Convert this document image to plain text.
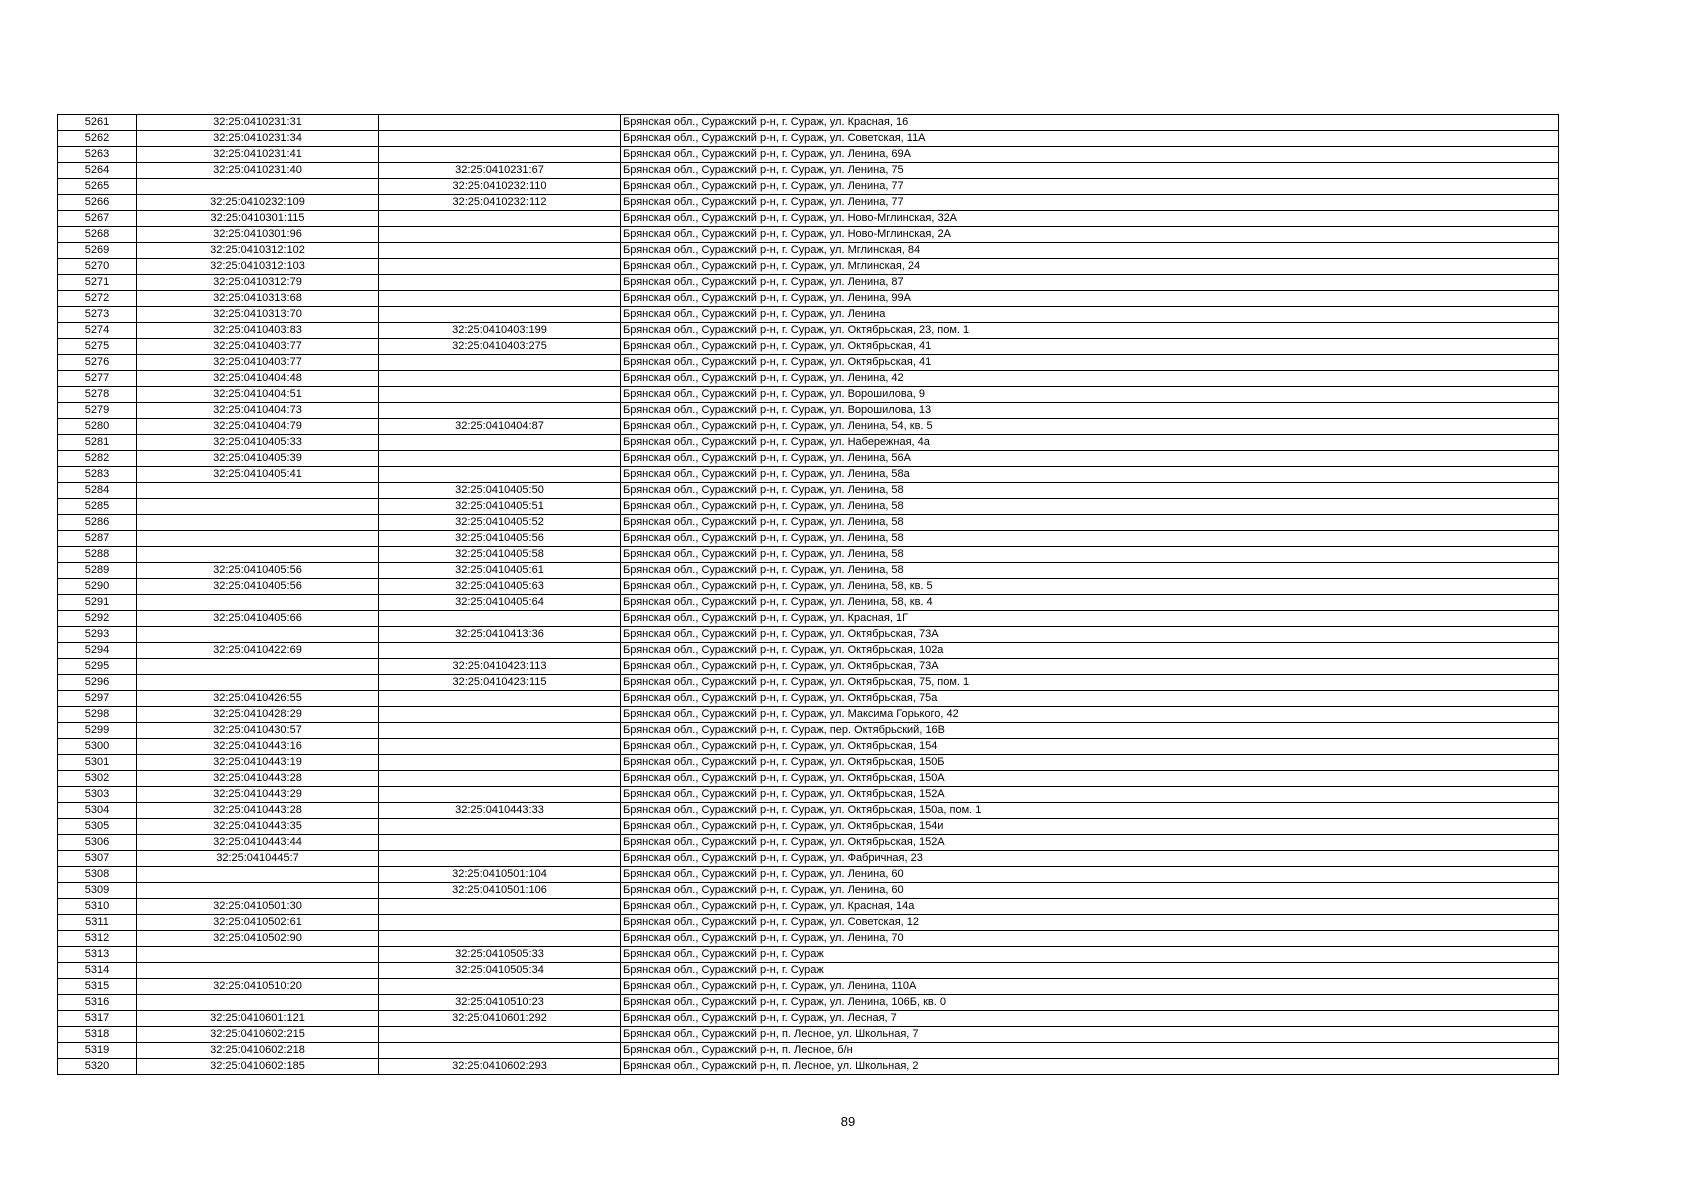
5261	32:25:0410231:31		Брянская обл., Суражский р-н, г. Сураж, ул. Красная, 16
5262	32:25:0410231:34		Брянская обл., Суражский р-н, г. Сураж, ул. Советская, 11А
5263	32:25:0410231:41		Брянская обл., Суражский р-н, г. Сураж, ул. Ленина, 69А
5264	32:25:0410231:40	32:25:0410231:67	Брянская обл., Суражский р-н, г. Сураж, ул. Ленина, 75
5265		32:25:0410232:110	Брянская обл., Суражский р-н, г. Сураж, ул. Ленина, 77
5266	32:25:0410232:109	32:25:0410232:112	Брянская обл., Суражский р-н, г. Сураж, ул. Ленина, 77
5267	32:25:0410301:115		Брянская обл., Суражский р-н, г. Сураж, ул. Ново-Мглинская, 32А
5268	32:25:0410301:96		Брянская обл., Суражский р-н, г. Сураж, ул. Ново-Мглинская, 2А
5269	32:25:0410312:102		Брянская обл., Суражский р-н, г. Сураж, ул. Мглинская, 84
5270	32:25:0410312:103		Брянская обл., Суражский р-н, г. Сураж, ул. Мглинская, 24
5271	32:25:0410312:79		Брянская обл., Суражский р-н, г. Сураж, ул. Ленина, 87
5272	32:25:0410313:68		Брянская обл., Суражский р-н, г. Сураж, ул. Ленина, 99А
5273	32:25:0410313:70		Брянская обл., Суражский р-н, г. Сураж, ул. Ленина
5274	32:25:0410403:83	32:25:0410403:199	Брянская обл., Суражский р-н, г. Сураж, ул. Октябрьская, 23, пом. 1
5275	32:25:0410403:77	32:25:0410403:275	Брянская обл., Суражский р-н, г. Сураж, ул. Октябрьская, 41
5276	32:25:0410403:77		Брянская обл., Суражский р-н, г. Сураж, ул. Октябрьская, 41
5277	32:25:0410404:48		Брянская обл., Суражский р-н, г. Сураж, ул. Ленина, 42
5278	32:25:0410404:51		Брянская обл., Суражский р-н, г. Сураж, ул. Ворошилова, 9
5279	32:25:0410404:73		Брянская обл., Суражский р-н, г. Сураж, ул. Ворошилова, 13
5280	32:25:0410404:79	32:25:0410404:87	Брянская обл., Суражский р-н, г. Сураж, ул. Ленина, 54, кв. 5
5281	32:25:0410405:33		Брянская обл., Суражский р-н, г. Сураж, ул. Набережная, 4а
5282	32:25:0410405:39		Брянская обл., Суражский р-н, г. Сураж, ул. Ленина, 56А
5283	32:25:0410405:41		Брянская обл., Суражский р-н, г. Сураж, ул. Ленина, 58а
5284		32:25:0410405:50	Брянская обл., Суражский р-н, г. Сураж, ул. Ленина, 58
5285		32:25:0410405:51	Брянская обл., Суражский р-н, г. Сураж, ул. Ленина, 58
5286		32:25:0410405:52	Брянская обл., Суражский р-н, г. Сураж, ул. Ленина, 58
5287		32:25:0410405:56	Брянская обл., Суражский р-н, г. Сураж, ул. Ленина, 58
5288		32:25:0410405:58	Брянская обл., Суражский р-н, г. Сураж, ул. Ленина, 58
5289	32:25:0410405:56	32:25:0410405:61	Брянская обл., Суражский р-н, г. Сураж, ул. Ленина, 58
5290	32:25:0410405:56	32:25:0410405:63	Брянская обл., Суражский р-н, г. Сураж, ул. Ленина, 58, кв. 5
5291		32:25:0410405:64	Брянская обл., Суражский р-н, г. Сураж, ул. Ленина, 58, кв. 4
5292	32:25:0410405:66		Брянская обл., Суражский р-н, г. Сураж, ул. Красная, 1Г
5293		32:25:0410413:36	Брянская обл., Суражский р-н, г. Сураж, ул. Октябрьская, 73А
5294	32:25:0410422:69		Брянская обл., Суражский р-н, г. Сураж, ул. Октябрьская, 102а
5295		32:25:0410423:113	Брянская обл., Суражский р-н, г. Сураж, ул. Октябрьская, 73А
5296		32:25:0410423:115	Брянская обл., Суражский р-н, г. Сураж, ул. Октябрьская, 75, пом. 1
5297	32:25:0410426:55		Брянская обл., Суражский р-н, г. Сураж, ул. Октябрьская, 75а
5298	32:25:0410428:29		Брянская обл., Суражский р-н, г. Сураж, ул. Максима Горького, 42
5299	32:25:0410430:57		Брянская обл., Суражский р-н, г. Сураж, пер. Октябрьский, 16В
5300	32:25:0410443:16		Брянская обл., Суражский р-н, г. Сураж, ул. Октябрьская, 154
5301	32:25:0410443:19		Брянская обл., Суражский р-н, г. Сураж, ул. Октябрьская, 150Б
5302	32:25:0410443:28		Брянская обл., Суражский р-н, г. Сураж, ул. Октябрьская, 150А
5303	32:25:0410443:29		Брянская обл., Суражский р-н, г. Сураж, ул. Октябрьская, 152А
5304	32:25:0410443:28	32:25:0410443:33	Брянская обл., Суражский р-н, г. Сураж, ул. Октябрьская, 150а, пом. 1
5305	32:25:0410443:35		Брянская обл., Суражский р-н, г. Сураж, ул. Октябрьская, 154и
5306	32:25:0410443:44		Брянская обл., Суражский р-н, г. Сураж, ул. Октябрьская, 152А
5307	32:25:0410445:7		Брянская обл., Суражский р-н, г. Сураж, ул. Фабричная, 23
5308		32:25:0410501:104	Брянская обл., Суражский р-н, г. Сураж, ул. Ленина, 60
5309		32:25:0410501:106	Брянская обл., Суражский р-н, г. Сураж, ул. Ленина, 60
5310	32:25:0410501:30		Брянская обл., Суражский р-н, г. Сураж, ул. Красная, 14а
5311	32:25:0410502:61		Брянская обл., Суражский р-н, г. Сураж, ул. Советская, 12
5312	32:25:0410502:90		Брянская обл., Суражский р-н, г. Сураж, ул. Ленина, 70
5313		32:25:0410505:33	Брянская обл., Суражский р-н, г. Сураж
5314		32:25:0410505:34	Брянская обл., Суражский р-н, г. Сураж
5315	32:25:0410510:20		Брянская обл., Суражский р-н, г. Сураж, ул. Ленина, 110А
5316		32:25:0410510:23	Брянская обл., Суражский р-н, г. Сураж, ул. Ленина, 106Б, кв. 0
5317	32:25:0410601:121	32:25:0410601:292	Брянская обл., Суражский р-н, г. Сураж, ул. Лесная, 7
5318	32:25:0410602:215		Брянская обл., Суражский р-н, п. Лесное, ул. Школьная, 7
5319	32:25:0410602:218		Брянская обл., Суражский р-н, п. Лесное, б/н
5320	32:25:0410602:185	32:25:0410602:293	Брянская обл., Суражский р-н, п. Лесное, ул. Школьная, 2
89
